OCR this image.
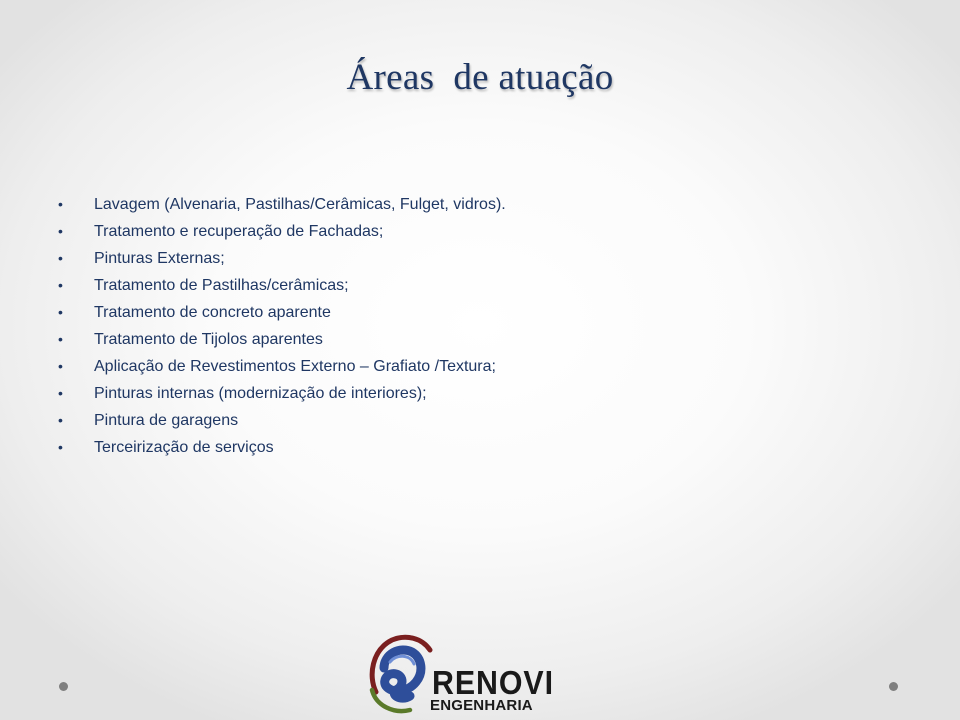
Áreas  de atuação
•	Lavagem (Alvenaria, Pastilhas/Cerâmicas, Fulget, vidros).
•	Tratamento e recuperação de Fachadas;
•	Pinturas Externas;
•	Tratamento de Pastilhas/cerâmicas;
•	Tratamento de concreto aparente
•	Tratamento de Tijolos aparentes
•	Aplicação de Revestimentos Externo – Grafiato /Textura;
•	Pinturas internas (modernização de interiores);
•	Pintura de garagens
•	Terceirização de serviços
RENOVI
ENGENHARIA
